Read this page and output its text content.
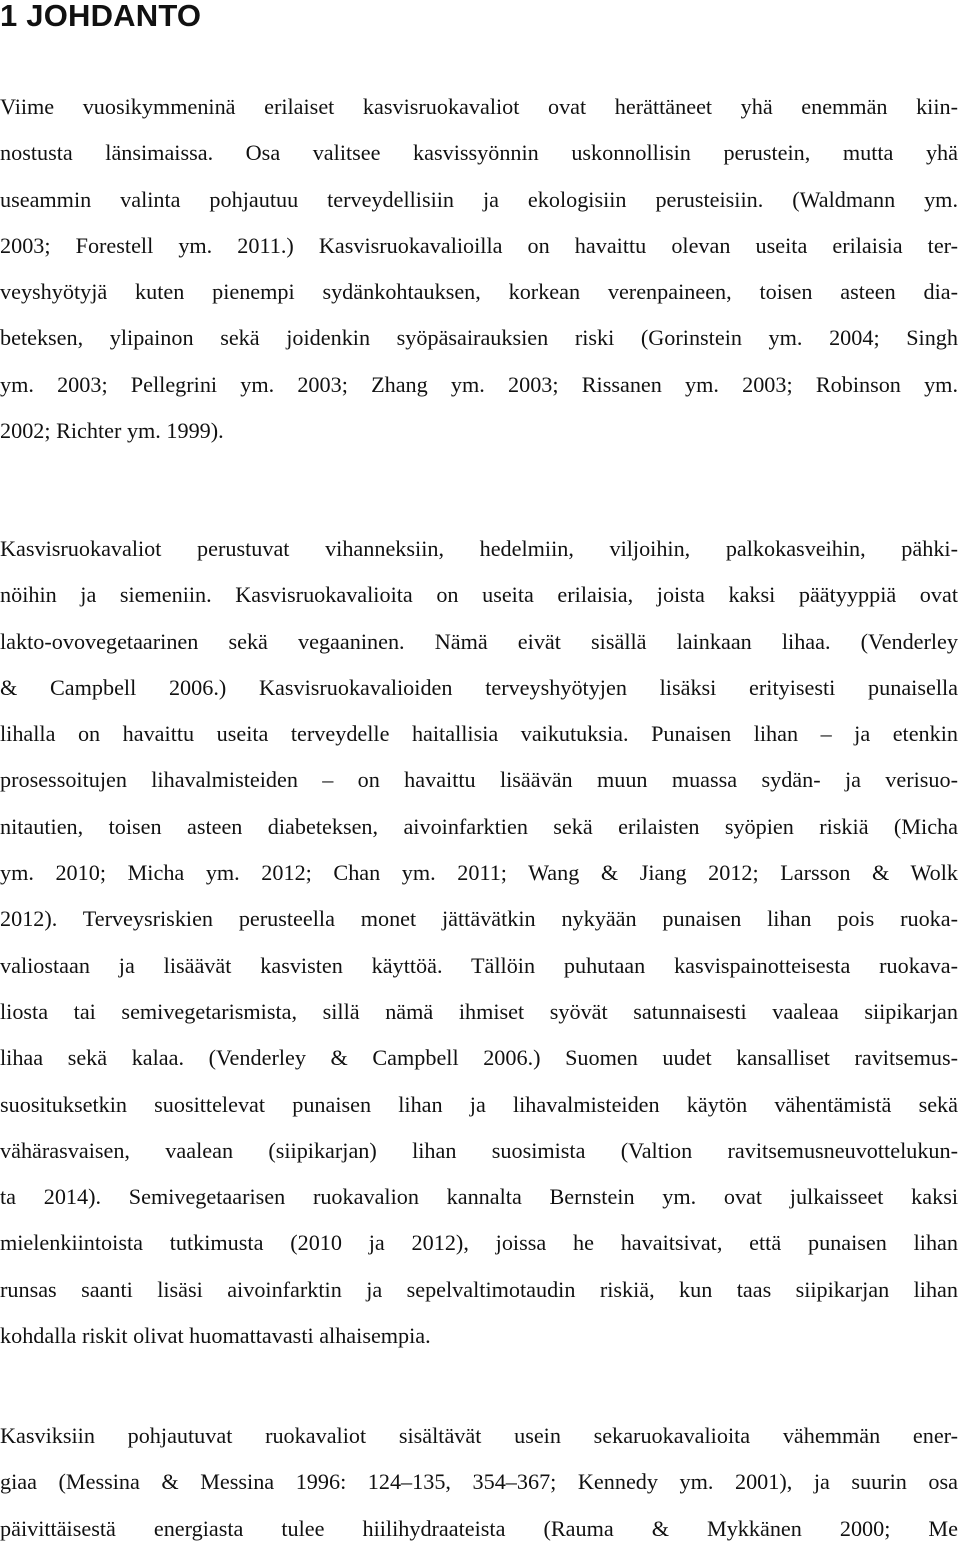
1 JOHDANTO
Viime vuosikymmeninä erilaiset kasvisruokavaliot ovat herättäneet yhä enemmän kiin-
nostusta länsimaissa. Osa valitsee kasvissyönnin uskonnollisin perustein, mutta yhä
useammin valinta pohjautuu terveydellisiin ja ekologisiin perusteisiin. (Waldmann ym.
2003; Forestell ym. 2011.) Kasvisruokavalioilla on havaittu olevan useita erilaisia ter-
veyshyötyjä kuten pienempi sydänkohtauksen, korkean verenpaineen, toisen asteen dia-
beteksen, ylipainon sekä joidenkin syöpäsairauksien riski (Gorinstein ym. 2004; Singh
ym. 2003; Pellegrini ym. 2003; Zhang ym. 2003; Rissanen ym. 2003; Robinson ym.
2002; Richter ym. 1999).
Kasvisruokavaliot perustuvat vihanneksiin, hedelmiin, viljoihin, palkokasveihin, pähki-
nöihin ja siemeniin. Kasvisruokavalioita on useita erilaisia, joista kaksi päätyyppiä ovat
lakto-ovovegetaarinen sekä vegaaninen. Nämä eivät sisällä lainkaan lihaa. (Venderley
& Campbell 2006.) Kasvisruokavalioiden terveyshyötyjen lisäksi erityisesti punaisella
lihalla on havaittu useita terveydelle haitallisia vaikutuksia. Punaisen lihan – ja etenkin
prosessoitujen lihavalmisteiden – on havaittu lisäävän muun muassa sydän- ja verisuo-
nitautien, toisen asteen diabeteksen, aivoinfarktien sekä erilaisten syöpien riskiä (Micha
ym. 2010; Micha ym. 2012; Chan ym. 2011; Wang & Jiang 2012; Larsson & Wolk
2012). Terveysriskien perusteella monet jättävätkin nykyään punaisen lihan pois ruoka-
valiostaan ja lisäävät kasvisten käyttöä. Tällöin puhutaan kasvispainotteisesta ruokava-
liosta tai semivegetarismista, sillä nämä ihmiset syövät satunnaisesti vaaleaa siipikarjan
lihaa sekä kalaa. (Venderley & Campbell 2006.) Suomen uudet kansalliset ravitsemus-
suosituksetkin suosittelevat punaisen lihan ja lihavalmisteiden käytön vähentämistä sekä
vähärasvaisen, vaalean (siipikarjan) lihan suosimista (Valtion ravitsemusneuvottelukun-
ta 2014). Semivegetaarisen ruokavalion kannalta Bernstein ym. ovat julkaisseet kaksi
mielenkiintoista tutkimusta (2010 ja 2012), joissa he havaitsivat, että punaisen lihan
runsas saanti lisäsi aivoinfarktin ja sepelvaltimotaudin riskiä, kun taas siipikarjan lihan
kohdalla riskit olivat huomattavasti alhaisempia.
Kasviksiin pohjautuvat ruokavaliot sisältävät usein sekaruokavalioita vähemmän ener-
giaa (Messina & Messina 1996: 124–135, 354–367; Kennedy ym. 2001), ja suurin osa
päivittäisestä energiasta tulee hiilihydraateista (Rauma & Mykkänen 2000; Me
